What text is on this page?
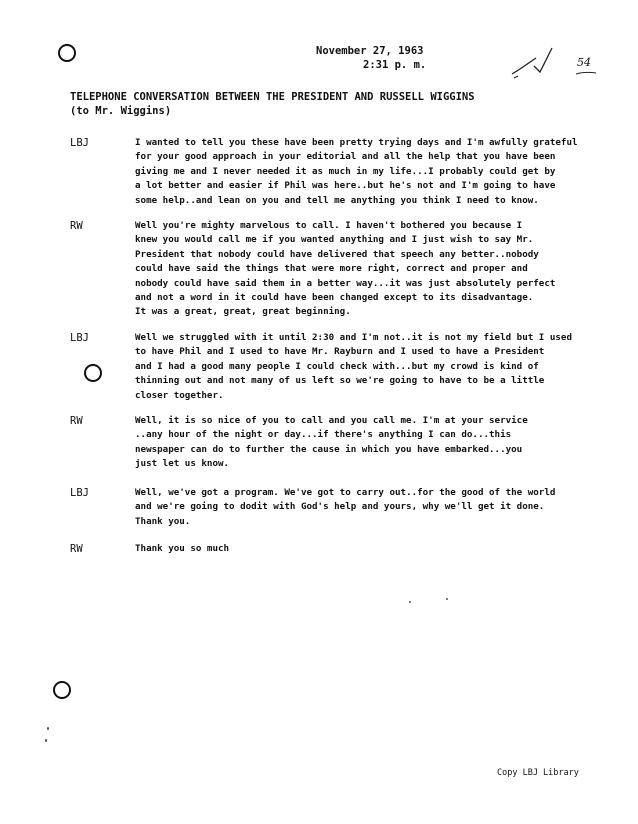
November 27, 1963
2:31 p. m.	54
TELEPHONE CONVERSATION BETWEEN THE PRESIDENT AND RUSSELL WIGGINS
(to Mr. Wiggins)
LBJ	I wanted to tell you these have been pretty trying days and I'm awfully grateful
for your good approach in your editorial and all the help that you have been
giving me and I never needed it as much in my life...I probably could get by
a lot better and easier if Phil was here..but he's not and I'm going to have
some help..and lean on you and tell me anything you think I need to know.
RW	Well you're mighty marvelous to call. I haven't bothered you because I
knew you would call me if you wanted anything and I just wish to say Mr.
President that nobody could have delivered that speech any better..nobody
could have said the things that were more right, correct and proper and
nobody could have said them in a better way...it was just absolutely perfect
and not a word in it could have been changed except to its disadvantage.
It was a great, great, great beginning.
LBJ	Well we struggled with it until 2:30 and I'm not..it is not my field but I used
to have Phil and I used to have Mr. Rayburn and I used to have a President
and I had a good many people I could check with...but my crowd is kind of
thinning out and not many of us left so we're going to have to be a little
closer together.
RW	Well, it is so nice of you to call and you call me. I'm at your service
..any hour of the night or day...if there's anything I can do...this
newspaper can do to further the cause in which you have embarked...you
just let us know.
LBJ	Well, we've got a program. We've got to carry out..for the good of the world
and we're going to dodit with God's help and yours, why we'll get it done.
Thank you.
RW	Thank you so much
Copy LBJ Library
